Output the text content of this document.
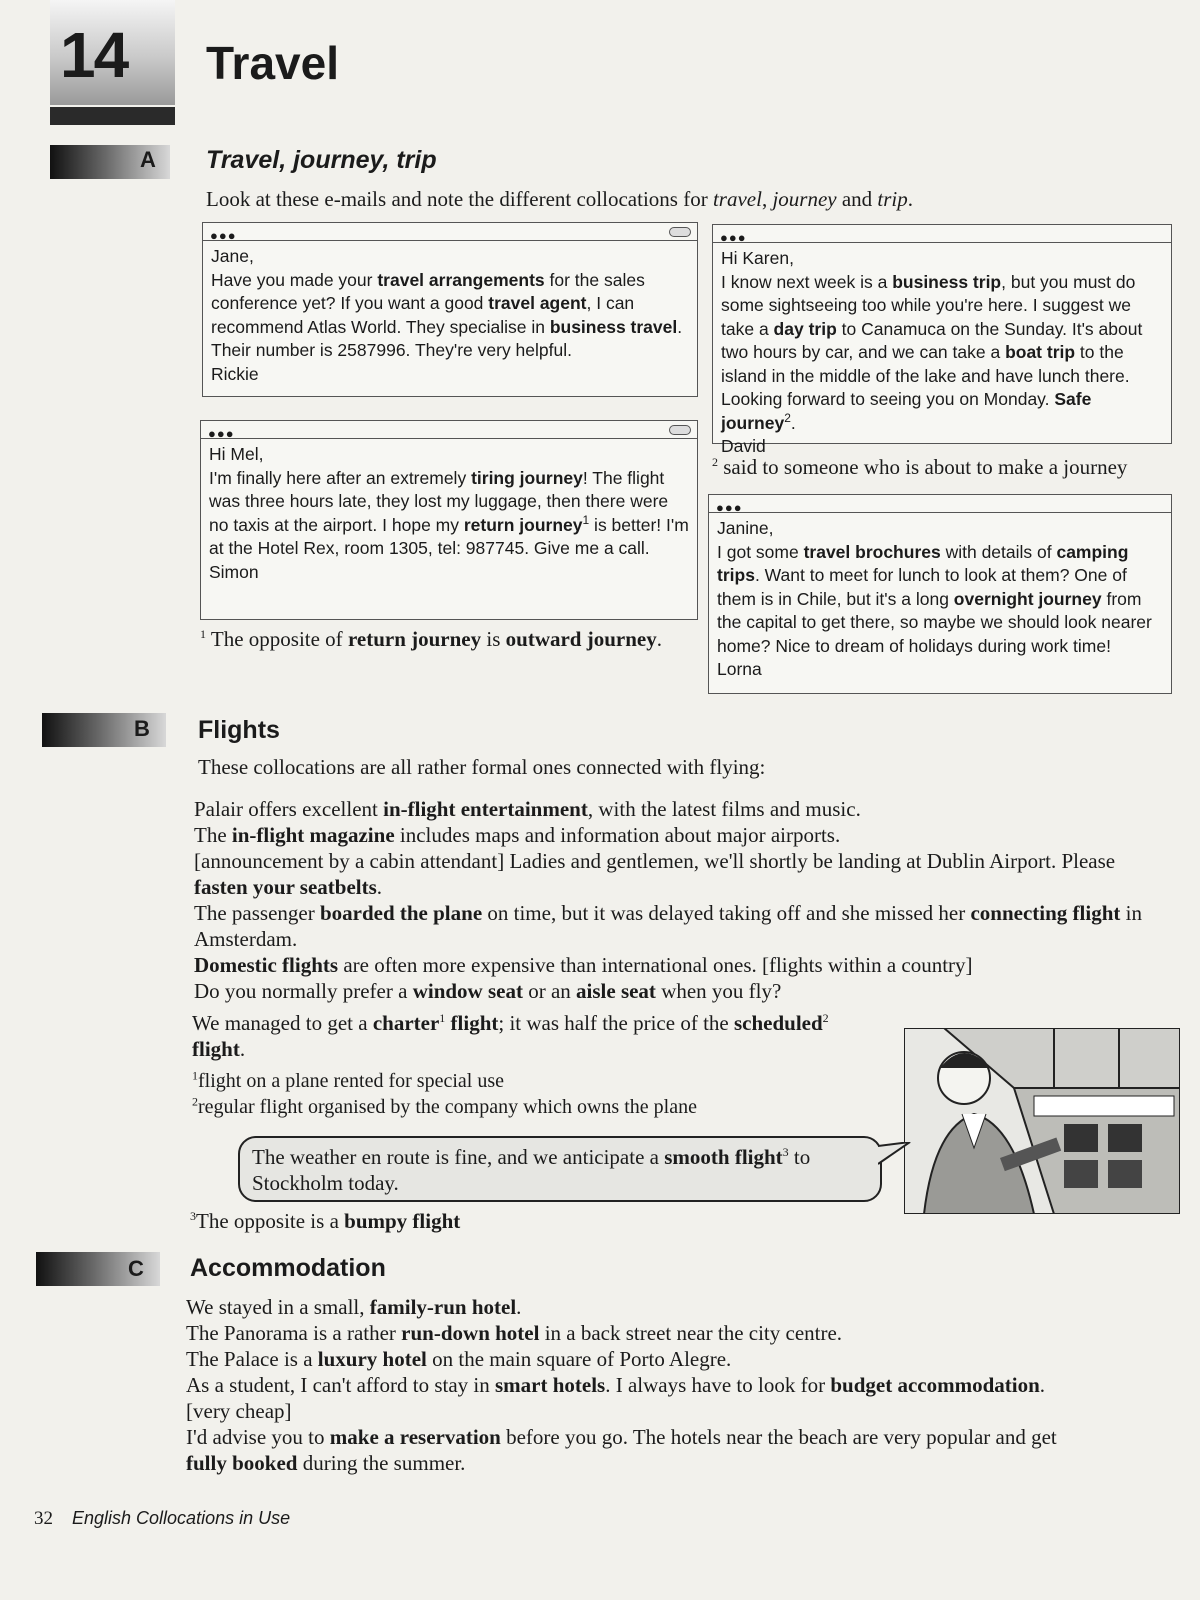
14	Travel
A Travel, journey, trip
Look at these e-mails and note the different collocations for travel, journey and trip.
●●●

Jane,

Have you made your travel arrangements for the sales conference yet? If you want a good travel agent, I can recommend Atlas World. They specialise in business travel. Their number is 2587996. They're very helpful.

Rickie

●●●

Hi Mel,

I'm finally here after an extremely tiring journey! The flight was three hours late, they lost my luggage, then there were no taxis at the airport. I hope my return journey$^1$ is better! I'm at the Hotel Rex, room 1305, tel: 987745. Give me a call.

Simon

$^1$ The opposite of return journey is outward journey.
●●●

Hi Karen,

I know next week is a business trip, but you must do some sightseeing too while you're here. I suggest we take a day trip to Canamuca on the Sunday. It's about two hours by car, and we can take a boat trip to the island in the middle of the lake and have lunch there. Looking forward to seeing you on Monday. Safe journey$^2$.

David

$^2$ said to someone who is about to make a journey
●●●

Janine,

I got some travel brochures with details of camping trips. Want to meet for lunch to look at them? One of them is in Chile, but it's a long overnight journey from the capital to get there, so maybe we should look nearer home? Nice to dream of holidays during work time!

Lorna

B Flights
These collocations are all rather formal ones connected with flying:

Palair offers excellent in-flight entertainment, with the latest films and music.

The in-flight magazine includes maps and information about major airports.

[announcement by a cabin attendant] Ladies and gentlemen, we'll shortly be landing at Dublin Airport. Please fasten your seatbelts.

The passenger boarded the plane on time, but it was delayed taking off and she missed her connecting flight in Amsterdam.

Domestic flights are often more expensive than international ones. [flights within a country]

Do you normally prefer a window seat or an aisle seat when you fly?

We managed to get a charter$^1$ flight; it was half the price of the scheduled$^2$ flight.

$^1$flight on a plane rented for special use

$^2$regular flight organised by the company which owns the plane

The weather en route is fine, and we anticipate a smooth flight$^3$ to Stockholm today.
$^3$The opposite is a bumpy flight
C Accommodation

We stayed in a small, family-run hotel.

The Panorama is a rather run-down hotel in a back street near the city centre.

The Palace is a luxury hotel on the main square of Porto Alegre.

As a student, I can't afford to stay in smart hotels. I always have to look for budget accommodation. [very cheap]

I'd advise you to make a reservation before you go. The hotels near the beach are very popular and get fully booked during the summer.

32 English Collocations in Use
